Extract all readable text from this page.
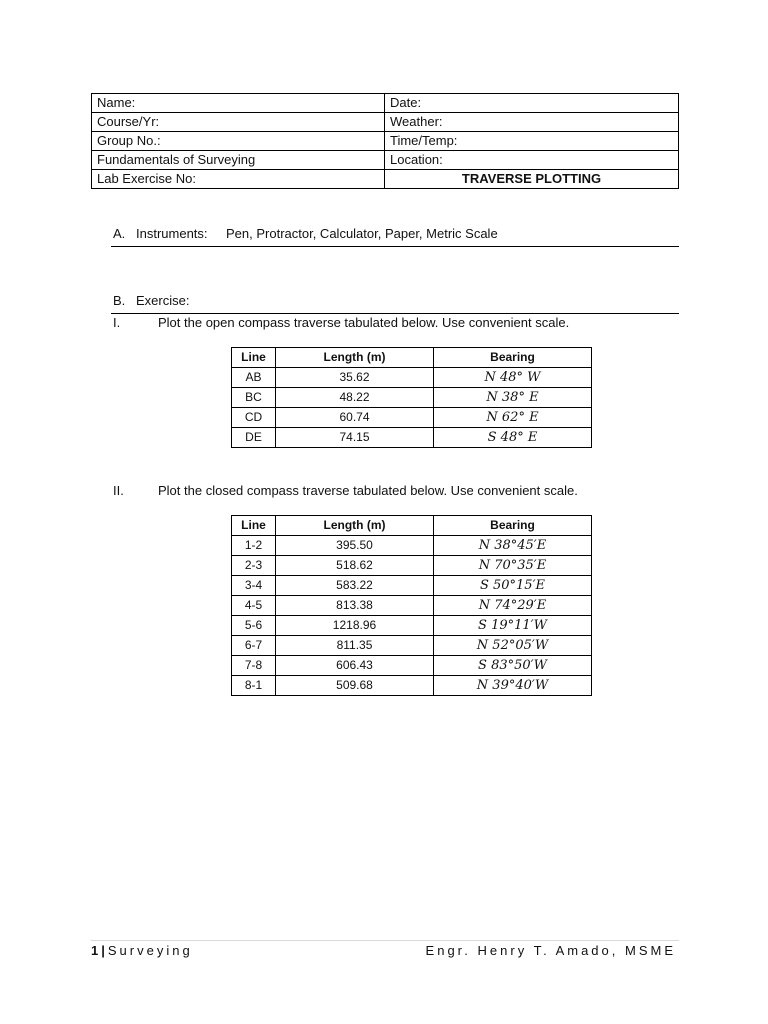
Name:	Date:
Course/Yr:	Weather:
Group No.:	Time/Temp:
Fundamentals of Surveying	Location:
Lab Exercise No:	TRAVERSE PLOTTING
A. Instruments: Pen, Protractor, Calculator, Paper, Metric Scale
B. Exercise:
I.	Plot the open compass traverse tabulated below. Use convenient scale.
Line	Length (m)	Bearing
AB	35.62	N 48° W
BC	48.22	N 38° E
CD	60.74	N 62° E
DE	74.15	S 48° E
II.	Plot the closed compass traverse tabulated below. Use convenient scale.
Line	Length (m)	Bearing
1-2	395.50	N 38°45′E
2-3	518.62	N 70°35′E
3-4	583.22	S 50°15′E
4-5	813.38	N 74°29′E
5-6	1218.96	S 19°11′W
6-7	811.35	N 52°05′W
7-8	606.43	S 83°50′W
8-1	509.68	N 39°40′W
1|Surveying	Engr. Henry T. Amado, MSME
